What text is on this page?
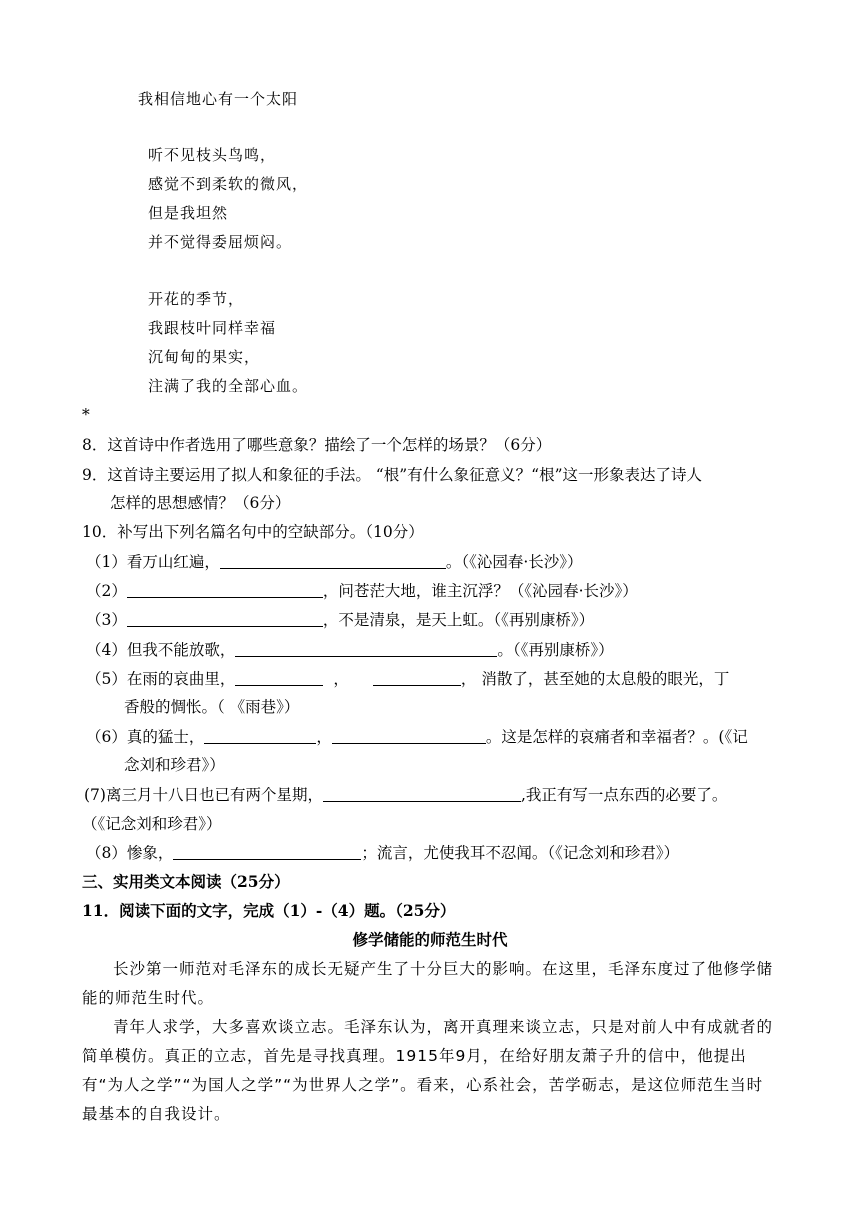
我相信地心有一个太阳
听不见枝头鸟鸣，
感觉不到柔软的微风，
但是我坦然
并不觉得委屈烦闷。
开花的季节，
我跟枝叶同样幸福
沉甸甸的果实，
注满了我的全部心血。
*
8．这首诗中作者选用了哪些意象？描绘了一个怎样的场景？（6分）
9．这首诗主要运用了拟人和象征的手法。 “根”有什么象征意义？“根”这一形象表达了诗人
怎样的思想感情？（6分）
10．补写出下列名篇名句中的空缺部分。（10分）
（1）看万山红遍，	。（《沁园春·长沙》）
（2）	，问苍茫大地，谁主沉浮？（《沁园春·长沙》）
（3）	，不是清泉，是天上虹。（《再别康桥》）
（4）但我不能放歌，	。（《再别康桥》）
（5）在雨的哀曲里，	，	， 消散了，甚至她的太息般的眼光，丁
香般的惆怅。（ 《雨巷》）
（6）真的猛士，	，	。这是怎样的哀痛者和幸福者？。(《记
念刘和珍君》）
(7)离三月十八日也已有两个星期，	,我正有写一点东西的必要了。
（《记念刘和珍君》）
（8）惨象，	；流言，尤使我耳不忍闻。（《记念刘和珍君》）
三、实用类文本阅读（25分）
11．阅读下面的文字，完成（1）-（4）题。（25分）
修学储能的师范生时代
长沙第一师范对毛泽东的成长无疑产生了十分巨大的影响。在这里，毛泽东度过了他修学储能的师范生时代。
青年人求学，大多喜欢谈立志。毛泽东认为，离开真理来谈立志，只是对前人中有成就者的简单模仿。真正的立志，首先是寻找真理。1915年9月，在给好朋友萧子升的信中，他提出有“为人之学”“为国人之学”“为世界人之学”。看来，心系社会，苦学砺志，是这位师范生当时最基本的自我设计。
